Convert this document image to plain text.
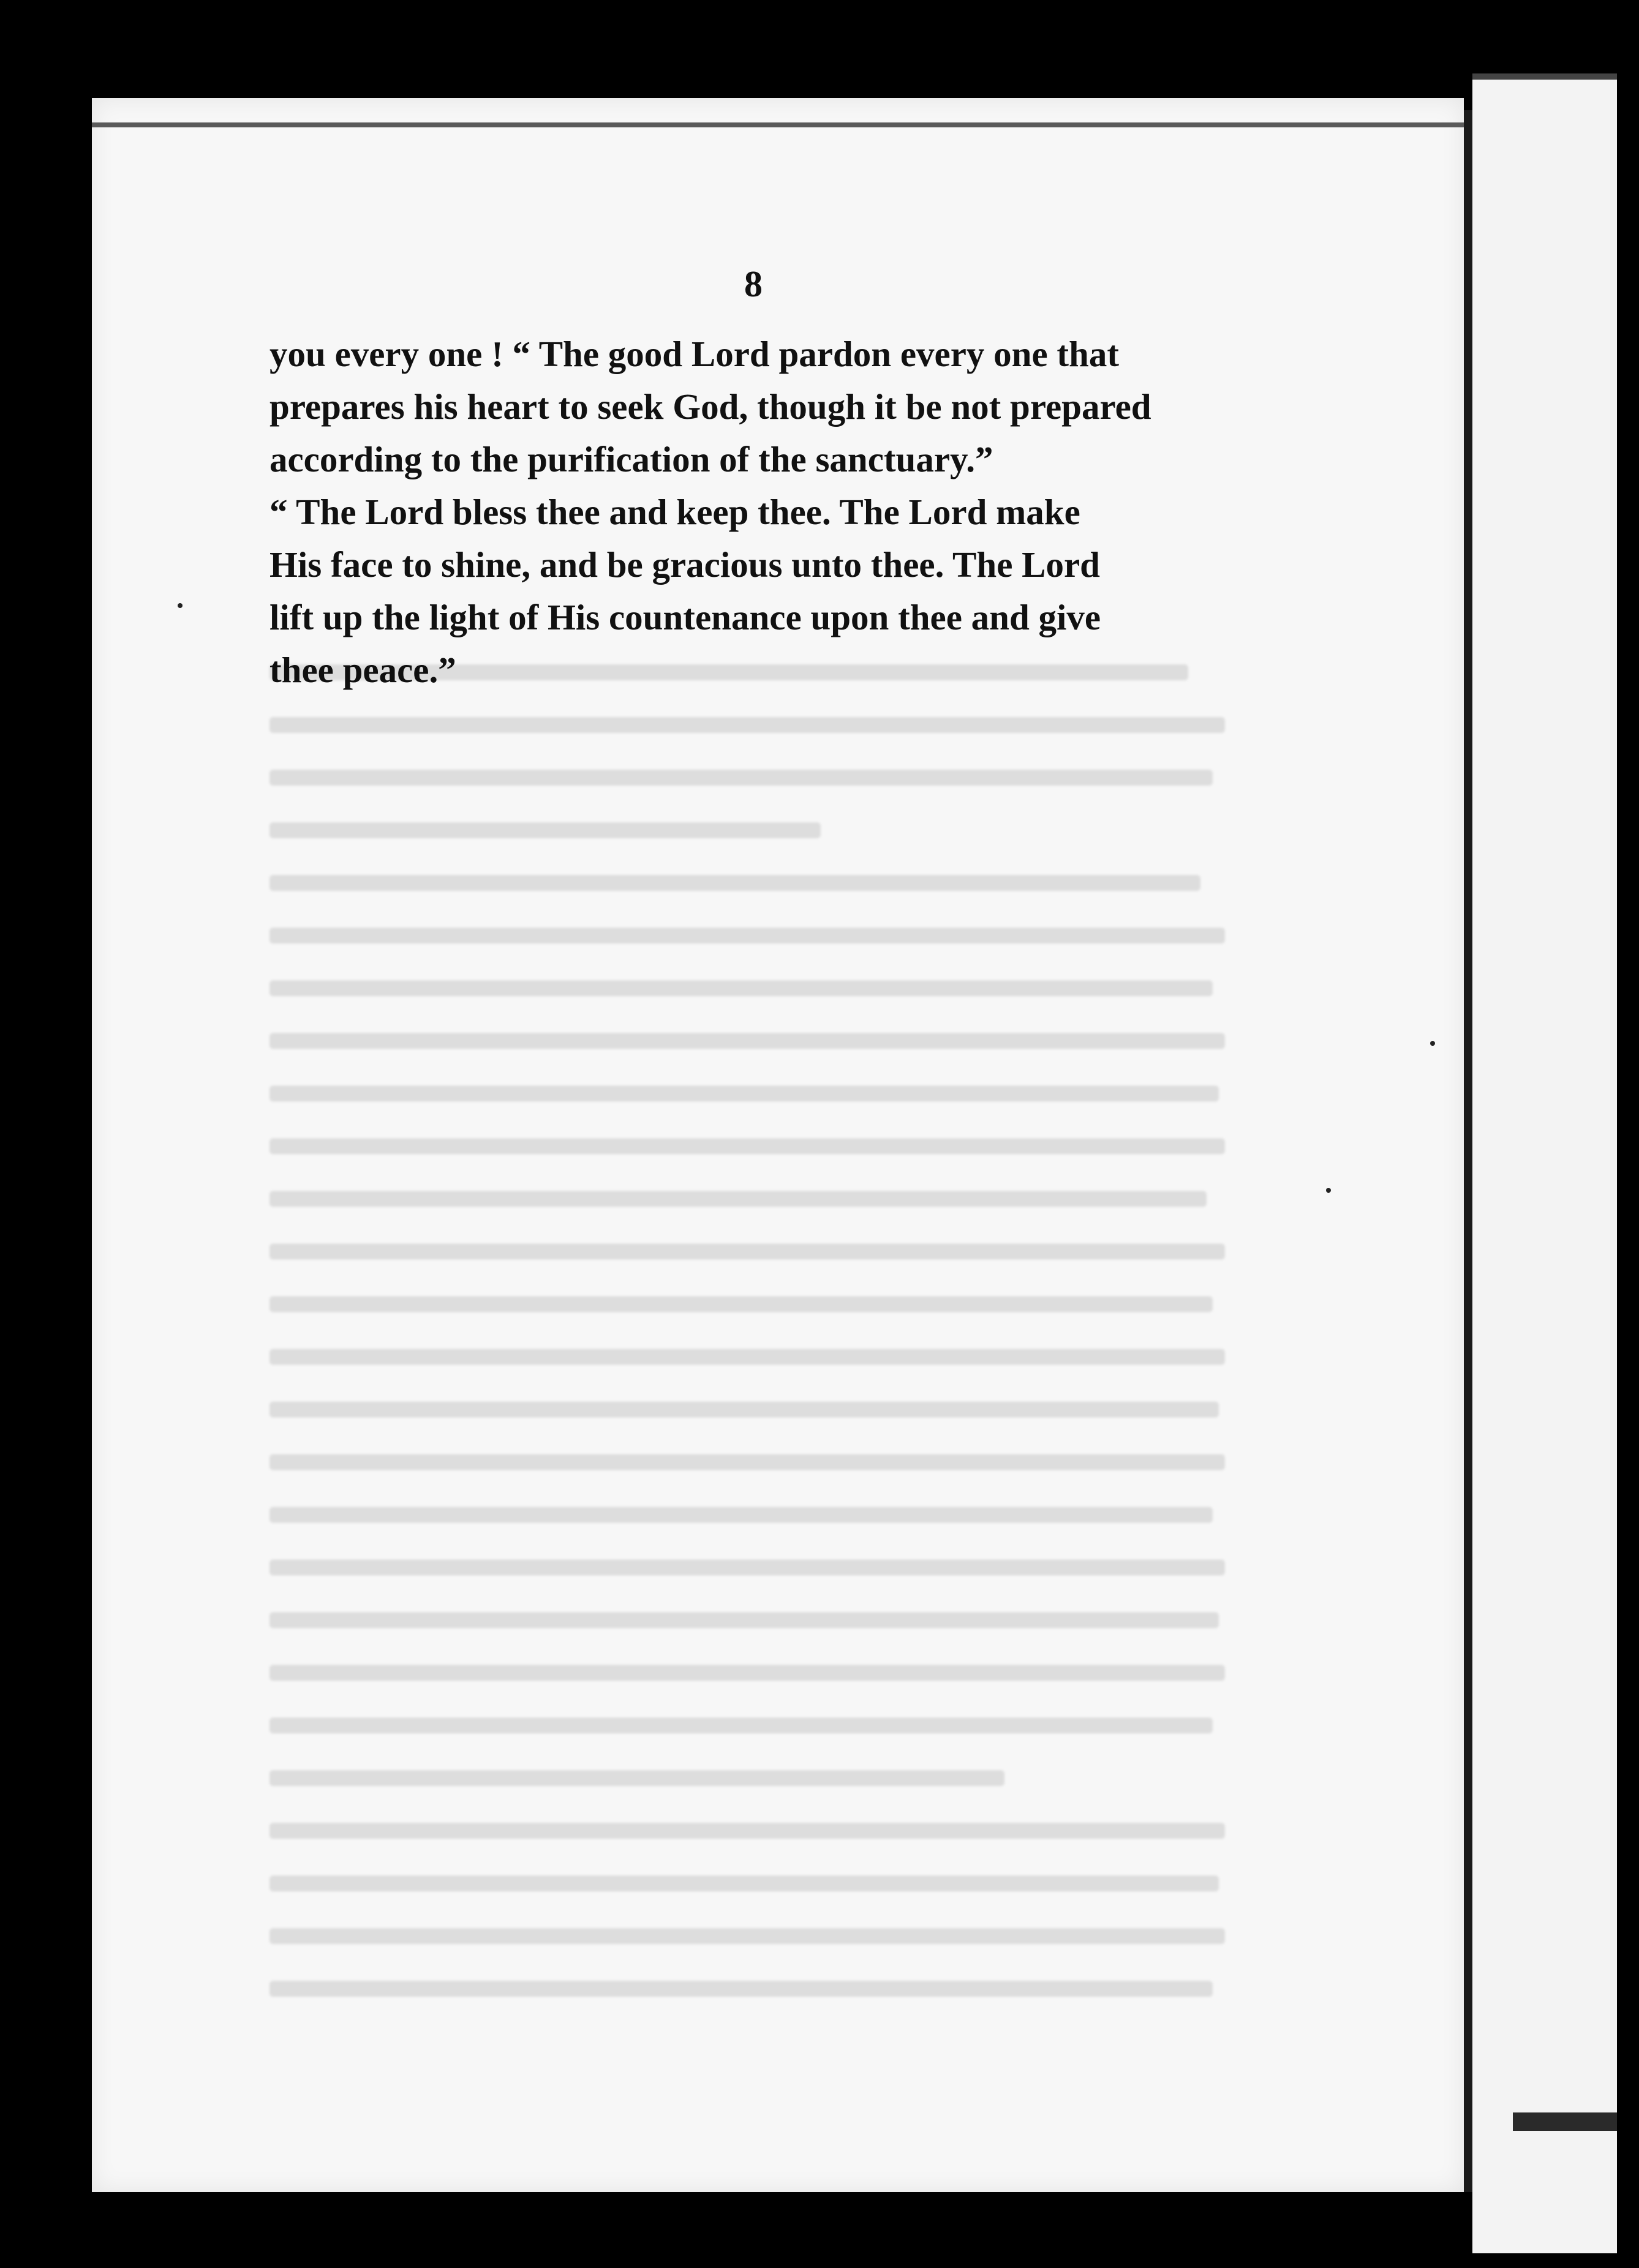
8
you every one ! “ The good Lord pardon every one that
prepares his heart to seek God, though it be not prepared
according to the purification of the sanctuary.”
“ The Lord bless thee and keep thee. The Lord make
His face to shine, and be gracious unto thee. The Lord
lift up the light of His countenance upon thee and give
thee peace.”
